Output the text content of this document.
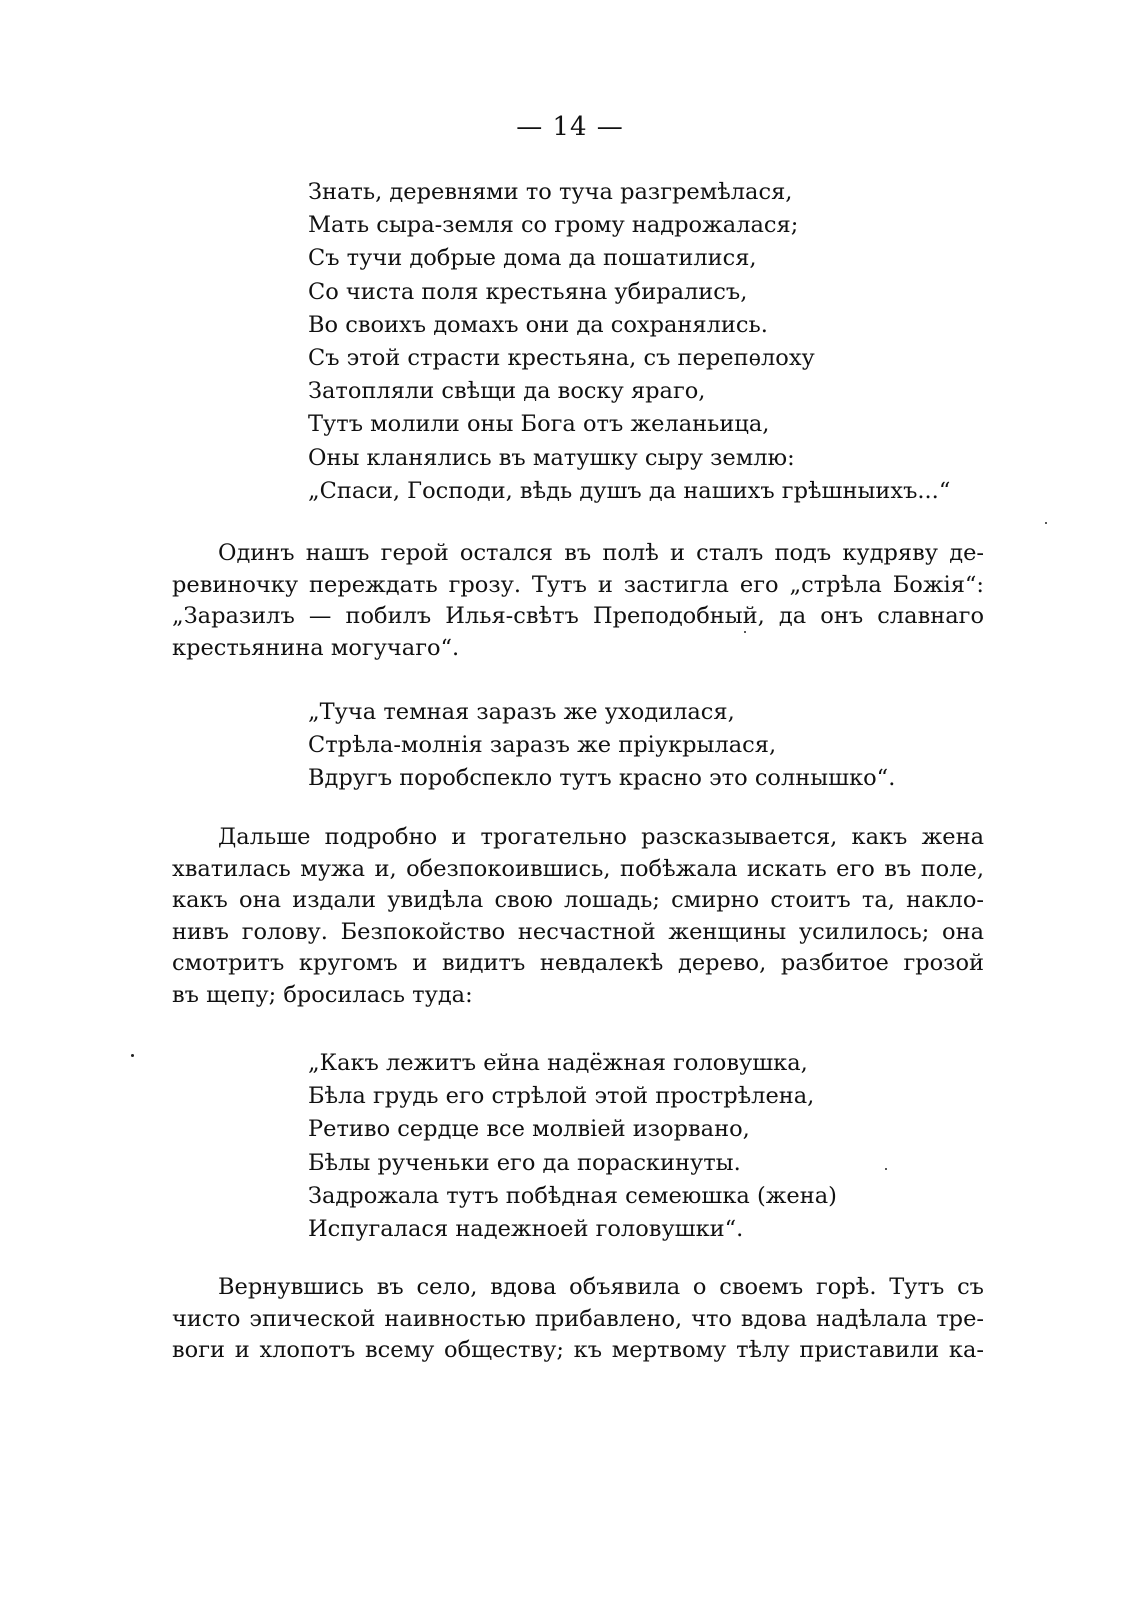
— 14 —
Знать, деревнями то туча разгремѣлася,
Мать сыра-земля со грому надрожалася;
Съ тучи добрые дома да пошатилися,
Со чиста поля крестьяна убиралисъ,
Во своихъ домахъ они да сохранялись.
Съ этой страсти крестьяна, съ перепѳлоху
Затопляли свѣщи да воску яраго,
Тутъ молили оны Бога отъ желаньица,
Оны кланялись въ матушку сыру землю:
„Спаси, Господи, вѣдь душъ да нашихъ грѣшныихъ...“
Одинъ нашъ герой остался въ полѣ и сталъ подъ кудряву де-
ревиночку переждать грозу. Тутъ и застигла его „стрѣла Божiя“:
„Заразилъ — побилъ Илья-свѣтъ Преподобный, да онъ славнаго
крестьянина могучаго“.
„Туча темная заразъ же уходилася,
Стрѣла-молнiя заразъ же прiукрылася,
Вдругъ поробспекло тутъ красно это солнышко“.
Дальше подробно и трогательно разсказывается, какъ жена
хватилась мужа и, обезпокоившись, побѣжала искать его въ поле,
какъ она издали увидѣла свою лошадь; смирно стоитъ та, накло-
нивъ голову. Безпокойство несчастной женщины усилилось; она
смотритъ кругомъ и видитъ невдалекѣ дерево, разбитое грозой
въ щепу; бросилась туда:
„Какъ лежитъ ейна надёжная головушка,
Бѣла грудь его стрѣлой этой прострѣлена,
Ретиво сердце все молвiей изорвано,
Бѣлы рученьки его да пораскинуты.
Задрожала тутъ побѣдная семеюшка (жена)
Испугалася надежноей головушки“.
Вернувшись въ село, вдова объявила о своемъ горѣ. Тутъ съ
чисто эпической наивностью прибавлено, что вдова надѣлала тре-
воги и хлопотъ всему обществу; къ мертвому тѣлу приставили ка-
